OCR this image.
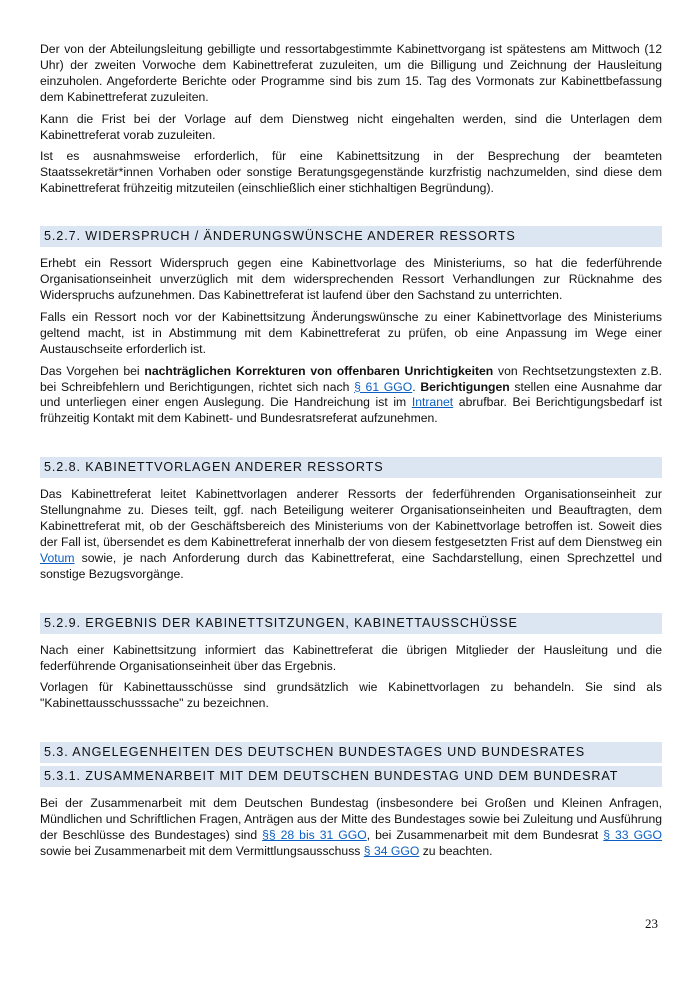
Der von der Abteilungsleitung gebilligte und ressortabgestimmte Kabinettvorgang ist spätestens am Mittwoch (12 Uhr) der zweiten Vorwoche dem Kabinettreferat zuzuleiten, um die Billigung und Zeichnung der Hausleitung einzuholen. Angeforderte Berichte oder Programme sind bis zum 15. Tag des Vormonats zur Kabinettbefassung dem Kabinettreferat zuzuleiten.

Kann die Frist bei der Vorlage auf dem Dienstweg nicht eingehalten werden, sind die Unterlagen dem Kabinettreferat vorab zuzuleiten.

Ist es ausnahmsweise erforderlich, für eine Kabinettsitzung in der Besprechung der beamteten Staatssekretär*innen Vorhaben oder sonstige Beratungsgegenstände kurzfristig nachzumelden, sind diese dem Kabinettreferat frühzeitig mitzuteilen (einschließlich einer stichhaltigen Begründung).

5.2.7. WIDERSPRUCH / ÄNDERUNGSWÜNSCHE ANDERER RESSORTS

Erhebt ein Ressort Widerspruch gegen eine Kabinettvorlage des Ministeriums, so hat die federführende Organisationseinheit unverzüglich mit dem widersprechenden Ressort Verhandlungen zur Rücknahme des Widerspruchs aufzunehmen. Das Kabinettreferat ist laufend über den Sachstand zu unterrichten.

Falls ein Ressort noch vor der Kabinettsitzung Änderungswünsche zu einer Kabinettvorlage des Ministeriums geltend macht, ist in Abstimmung mit dem Kabinettreferat zu prüfen, ob eine Anpassung im Wege einer Austauschseite erforderlich ist.

Das Vorgehen bei nachträglichen Korrekturen von offenbaren Unrichtigkeiten von Rechtsetzungstexten z.B. bei Schreibfehlern und Berichtigungen, richtet sich nach § 61 GGO. Berichtigungen stellen eine Ausnahme dar und unterliegen einer engen Auslegung. Die Handreichung ist im Intranet abrufbar. Bei Berichtigungsbedarf ist frühzeitig Kontakt mit dem Kabinett- und Bundesratsreferat aufzunehmen.

5.2.8. KABINETTVORLAGEN ANDERER RESSORTS

Das Kabinettreferat leitet Kabinettvorlagen anderer Ressorts der federführenden Organisationseinheit zur Stellungnahme zu. Dieses teilt, ggf. nach Beteiligung weiterer Organisationseinheiten und Beauftragten, dem Kabinettreferat mit, ob der Geschäftsbereich des Ministeriums von der Kabinettvorlage betroffen ist. Soweit dies der Fall ist, übersendet es dem Kabinettreferat innerhalb der von diesem festgesetzten Frist auf dem Dienstweg ein Votum sowie, je nach Anforderung durch das Kabinettreferat, eine Sachdarstellung, einen Sprechzettel und sonstige Bezugsvorgänge.

5.2.9. ERGEBNIS DER KABINETTSITZUNGEN, KABINETTAUSSCHÜSSE

Nach einer Kabinettsitzung informiert das Kabinettreferat die übrigen Mitglieder der Hausleitung und die federführende Organisationseinheit über das Ergebnis.

Vorlagen für Kabinettausschüsse sind grundsätzlich wie Kabinettvorlagen zu behandeln. Sie sind als "Kabinettausschusssache" zu bezeichnen.

5.3. ANGELEGENHEITEN DES DEUTSCHEN BUNDESTAGES UND BUNDESRATES
5.3.1. ZUSAMMENARBEIT MIT DEM DEUTSCHEN BUNDESTAG UND DEM BUNDESRAT

Bei der Zusammenarbeit mit dem Deutschen Bundestag (insbesondere bei Großen und Kleinen Anfragen, Mündlichen und Schriftlichen Fragen, Anträgen aus der Mitte des Bundestages sowie bei Zuleitung und Ausführung der Beschlüsse des Bundestages) sind §§ 28 bis 31 GGO, bei Zusammenarbeit mit dem Bundesrat § 33 GGO sowie bei Zusammenarbeit mit dem Vermittlungsausschuss § 34 GGO zu beachten.

23
